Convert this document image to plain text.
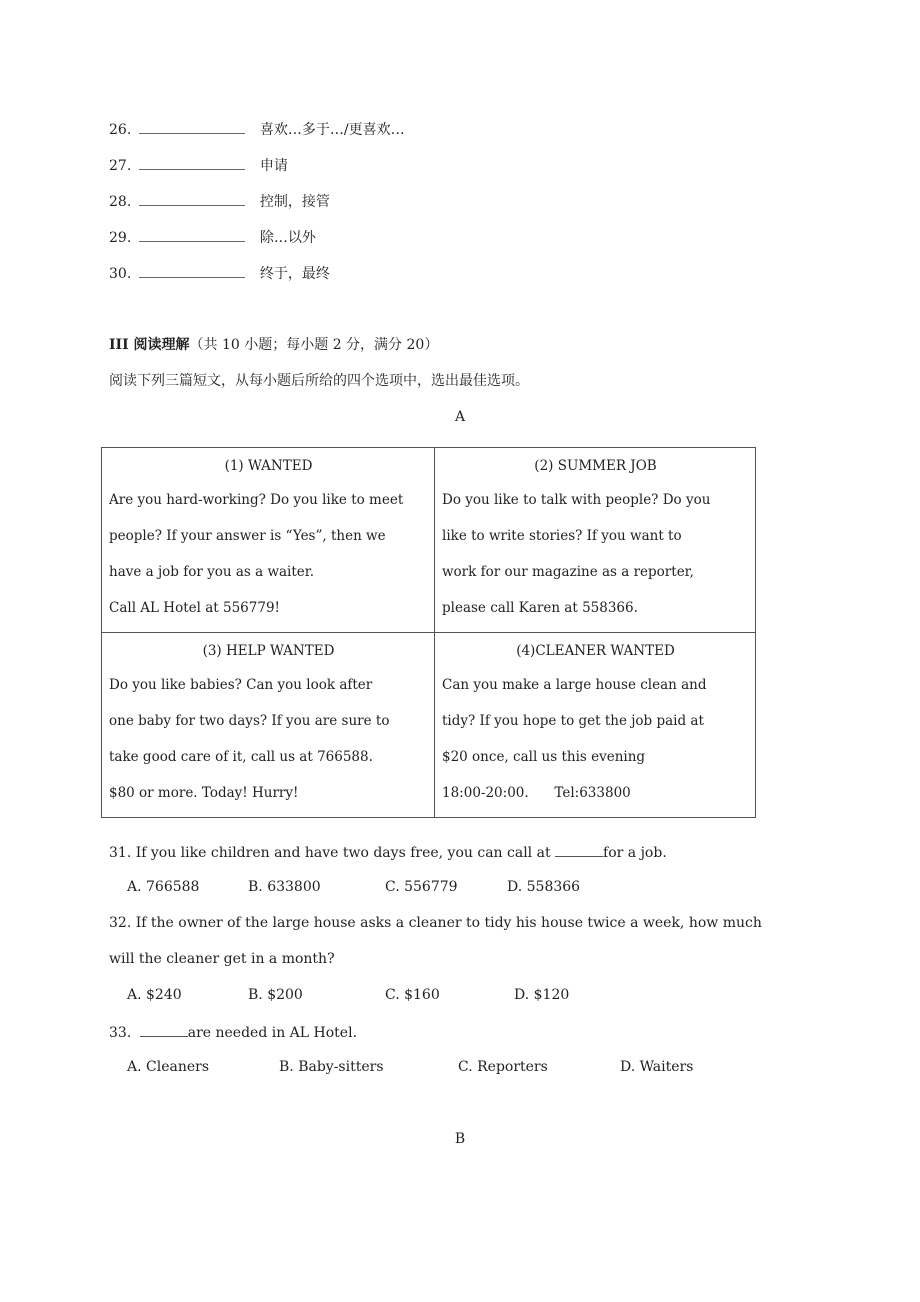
26.	喜欢…多于…/更喜欢…
27.	申请
28.	控制，接管
29.	除…以外
30.	终于，最终
III 阅读理解（共 10 小题；每小题 2 分，满分 20）
阅读下列三篇短文，从每小题后所给的四个选项中，选出最佳选项。
A
(1) WANTED
Are you hard-working? Do you like to meet
people? If your answer is “Yes”, then we
have a job for you as a waiter.
Call AL Hotel at 556779!

(2) SUMMER JOB
Do you like to talk with people? Do you
like to write stories? If you want to
work for our magazine as a reporter,
please call Karen at 558366.

(3) HELP WANTED
Do you like babies? Can you look after
one baby for two days? If you are sure to
take good care of it, call us at 766588.
$80 or more. Today! Hurry!

(4)CLEANER WANTED
Can you make a large house clean and
tidy? If you hope to get the job paid at
$20 once, call us this evening
18:00-20:00.      Tel:633800
31. If you like children and have two days free, you can call at	for a job.
A. 766588	B. 633800	C. 556779	D. 558366
32. If the owner of the large house asks a cleaner to tidy his house twice a week, how much
will the cleaner get in a month?
A. $240	B. $200	C. $160	D. $120
33.	are needed in AL Hotel.
A. Cleaners	B. Baby-sitters	C. Reporters	D. Waiters
B
